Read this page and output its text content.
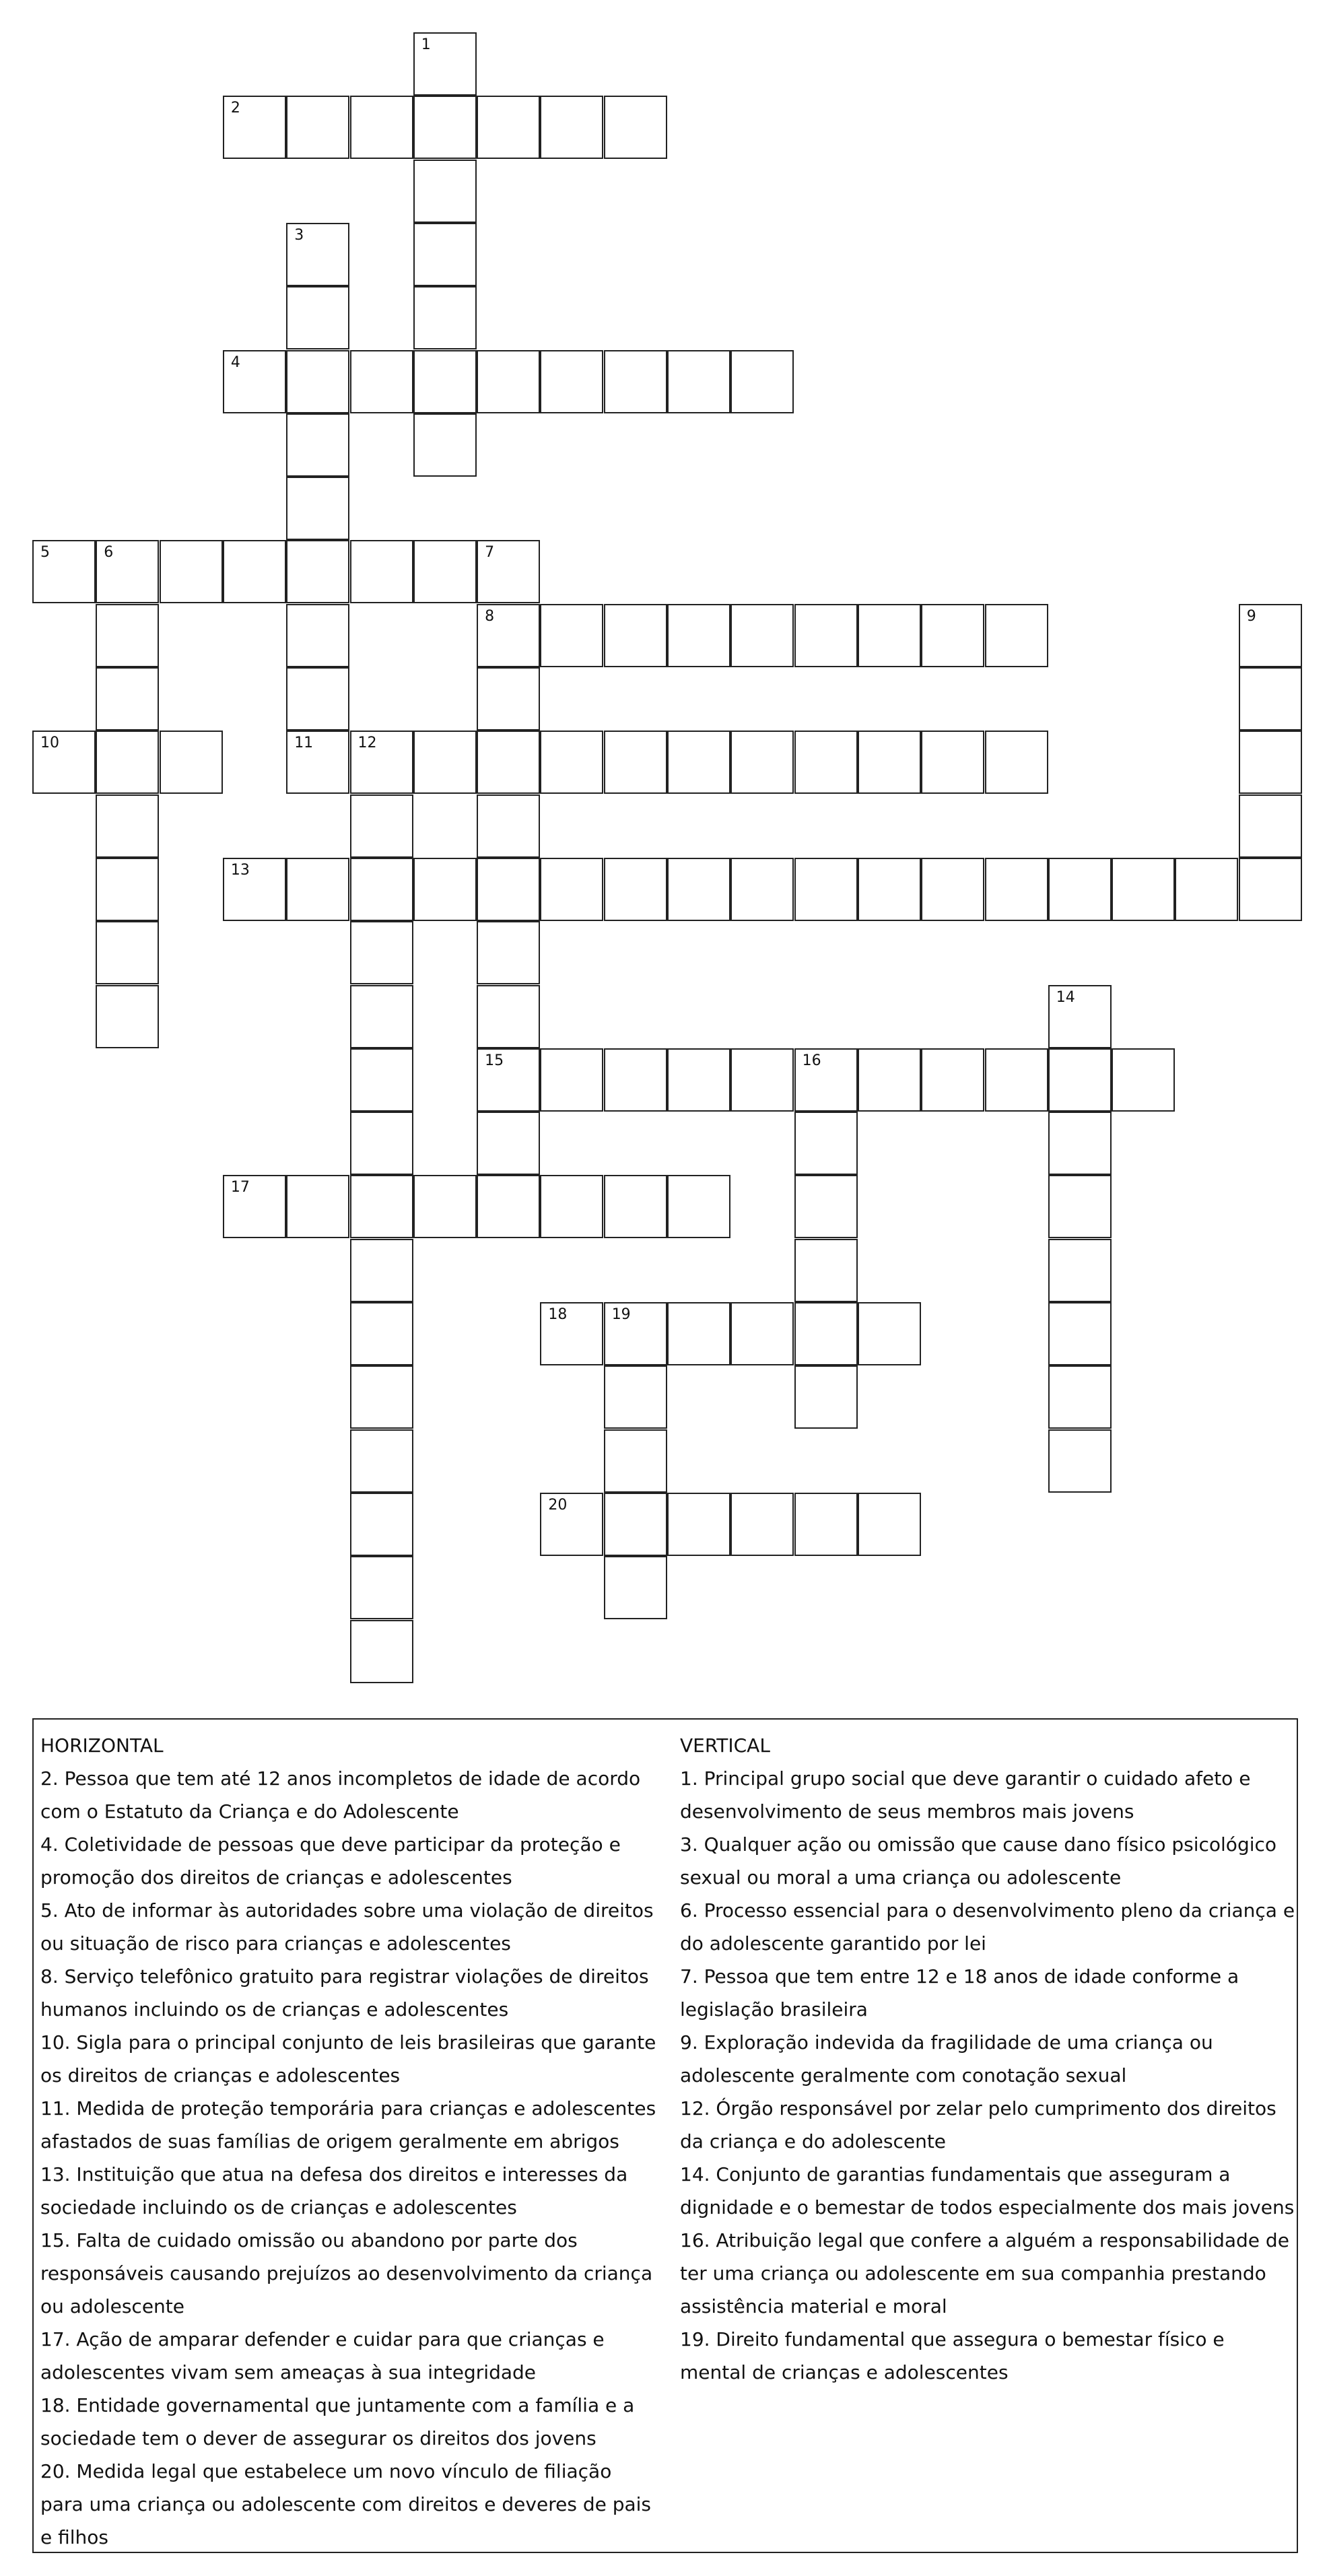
1
2
3
4
5	6	7
8
15
9
10	11	12
13
14
16
17
18	19
20
HORIZONTAL
2. Pessoa que tem até 12 anos incompletos de idade de acordo com o Estatuto da Criança e do Adolescente
4. Coletividade de pessoas que deve participar da proteção e promoção dos direitos de crianças e adolescentes
5. Ato de informar às autoridades sobre uma violação de direitos ou situação de risco para crianças e adolescentes
8. Serviço telefônico gratuito para registrar violações de direitos humanos incluindo os de crianças e adolescentes
10. Sigla para o principal conjunto de leis brasileiras que garante os direitos de crianças e adolescentes
11. Medida de proteção temporária para crianças e adolescentes afastados de suas famílias de origem geralmente em abrigos
13. Instituição que atua na defesa dos direitos e interesses da sociedade incluindo os de crianças e adolescentes
15. Falta de cuidado omissão ou abandono por parte dos responsáveis causando prejuízos ao desenvolvimento da criança ou adolescente
17. Ação de amparar defender e cuidar para que crianças e adolescentes vivam sem ameaças à sua integridade
18. Entidade governamental que juntamente com a família e a sociedade tem o dever de assegurar os direitos dos jovens
20. Medida legal que estabelece um novo vínculo de filiação para uma criança ou adolescente com direitos e deveres de pais e filhos
VERTICAL
1. Principal grupo social que deve garantir o cuidado afeto e desenvolvimento de seus membros mais jovens
3. Qualquer ação ou omissão que cause dano físico psicológico sexual ou moral a uma criança ou adolescente
6. Processo essencial para o desenvolvimento pleno da criança e do adolescente garantido por lei
7. Pessoa que tem entre 12 e 18 anos de idade conforme a legislação brasileira
9. Exploração indevida da fragilidade de uma criança ou adolescente geralmente com conotação sexual
12. Órgão responsável por zelar pelo cumprimento dos direitos da criança e do adolescente
14. Conjunto de garantias fundamentais que asseguram a dignidade e o bemestar de todos especialmente dos mais jovens
16. Atribuição legal que confere a alguém a responsabilidade de ter uma criança ou adolescente em sua companhia prestando assistência material e moral
19. Direito fundamental que assegura o bemestar físico e mental de crianças e adolescentes
